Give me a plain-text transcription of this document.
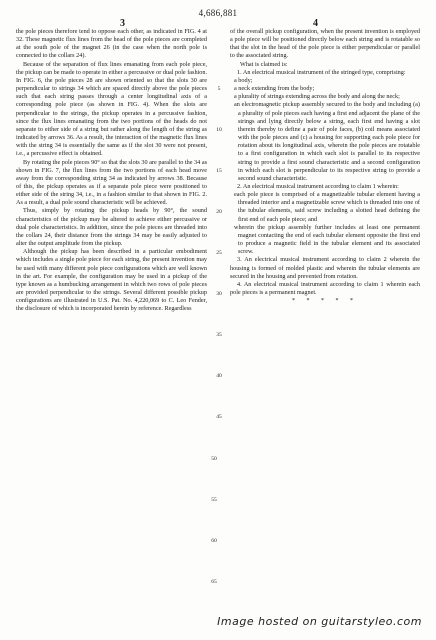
4,686,881
3	4

the pole pieces therefore tend to oppose each other, as indicated in FIG. 4 at 32. These magnetic flux lines from the head of the pole pieces are completed at the south pole of the magnet 26 (in the case when the north pole is connected to the collars 24).

Because of the separation of flux lines emanating from each pole piece, the pickup can be made to operate in either a percussive or dual pole fashion. In FIG. 6, the pole pieces 28 are shown oriented so that the slots 30 are perpendicular to strings 34 which are spaced directly above the pole pieces such that each string passes through a center longitudinal axis of a corresponding pole piece (as shown in FIG. 4). When the slots are perpendicular to the strings, the pickup operates in a percussive fashion, since the flux lines emanating from the two portions of the heads do not separate to either side of a string but rather along the length of the string as indicated by arrows 36. As a result, the interaction of the magnetic flux lines with the string 34 is essentially the same as if the slot 30 were not present, i.e., a percussive effect is obtained.

By rotating the pole pieces 90° so that the slots 30 are parallel to the 34 as shown in FIG. 7, the flux lines from the two portions of each head move away from the corresponding string 34 as indicated by arrows 38. Because of this, the pickup operates as if a separate pole piece were positioned to either side of the string 34, i.e., in a fashion similar to that shown in FIG. 2. As a result, a dual pole sound characteristic will be achieved.

Thus, simply by rotating the pickup heads by 90°, the sound characteristics of the pickup may be altered to achieve either percussive or dual pole characteristics. In addition, since the pole pieces are threaded into the collars 24, their distance from the strings 34 may be easily adjusted to alter the output amplitude from the pickup.

Although the pickup has been described in a particular embodiment which includes a single pole piece for each string, the present invention may be used with many different pole piece configurations which are well known in the art. For example, the configuration may be used in a pickup of the type known as a humbucking arrangement in which two rows of pole pieces are provided perpendicular to the strings. Several different possible pickup configurations are illustrated in U.S. Pat. No. 4,220,069 to C. Leo Fender, the disclosure of which is incorporated herein by reference. Regardless

of the overall pickup configuration, when the present invention is employed a pole piece will be positioned directly below each string and is rotatable so that the slot in the head of the pole piece is either perpendicular or parallel to the associated string.

What is claimed is:

1. An electrical musical instrument of the stringed type, comprising:

a body;

a neck extending from the body;

a plurality of strings extending across the body and along the neck;

an electromagnetic pickup assembly secured to the body and including (a) a plurality of pole pieces each having a first end adjacent the plane of the strings and lying directly below a string, each first end having a slot therein thereby to define a pair of pole faces, (b) coil means associated with the pole pieces and (c) a housing for supporting each pole piece for rotation about its longitudinal axis, wherein the pole pieces are rotatable to a first configuration in which each slot is parallel to its respective string to provide a first sound characteristic and a second configuration in which each slot is perpendicular to its respective string to provide a second sound characteristic.

2. An electrical musical instrument according to claim 1 wherein:

each pole piece is comprised of a magnetizable tubular element having a threaded interior and a magnetizable screw which is threaded into one of the tubular elements, said screw including a slotted head defining the first end of each pole piece; and

wherein the pickup assembly further includes at least one permanent magnet contacting the end of each tubular element opposite the first end to produce a magnetic field in the tubular element and its associated screw.

3. An electrical musical instrument according to claim 2 wherein the housing is formed of molded plastic and wherein the tubular elements are secured in the housing and prevented from rotation.

4. An electrical musical instrument according to claim 1 wherein each pole pieces is a permanent magnet.

* * * * *

5
10
15
20
25
30
35
40
45
50
55
60
65
Image hosted on guitarstyleo.com
